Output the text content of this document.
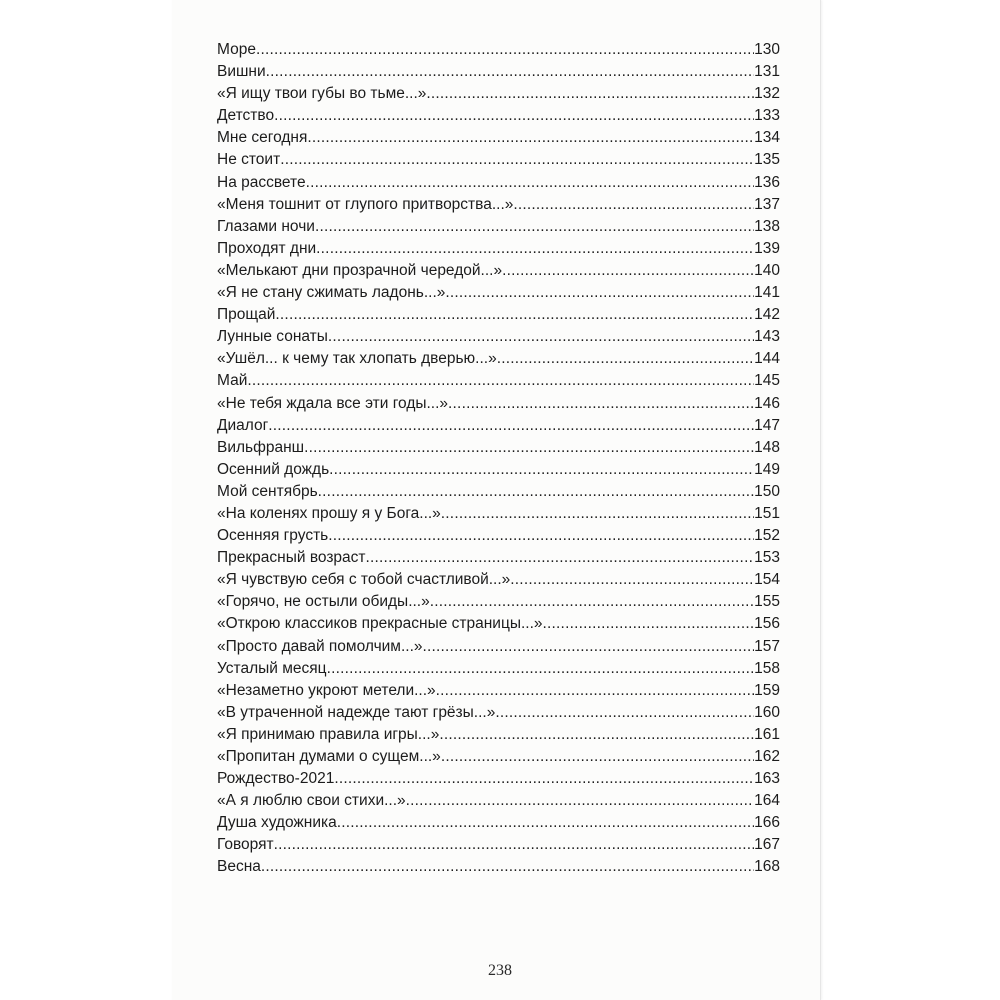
Море .....	130
Вишни .....	131
«Я ищу твои губы во тьме...» .....	132
Детство .....	133
Мне сегодня .....	134
Не стоит .....	135
На рассвете .....	136
«Меня тошнит от глупого притворства...» .....	137
Глазами ночи .....	138
Проходят дни .....	139
«Мелькают дни прозрачной чередой...» .....	140
«Я не стану сжимать ладонь...» .....	141
Прощай .....	142
Лунные сонаты .....	143
«Ушёл... к чему так хлопать дверью...» .....	144
Май .....	145
«Не тебя ждала все эти годы...» .....	146
Диалог .....	147
Вильфранш .....	148
Осенний дождь .....	149
Мой сентябрь .....	150
«На коленях прошу я у Бога...» .....	151
Осенняя грусть .....	152
Прекрасный возраст .....	153
«Я чувствую себя с тобой счастливой...» .....	154
«Горячо, не остыли обиды...» .....	155
«Открою классиков прекрасные страницы...» .....	156
«Просто давай помолчим...» .....	157
Усталый месяц .....	158
«Незаметно укроют метели...» .....	159
«В утраченной надежде тают грёзы...» .....	160
«Я принимаю правила игры...» .....	161
«Пропитан думами о сущем...» .....	162
Рождество-2021 .....	163
«А я люблю свои стихи...» .....	164
Душа художника .....	166
Говорят .....	167
Весна .....	168
238
